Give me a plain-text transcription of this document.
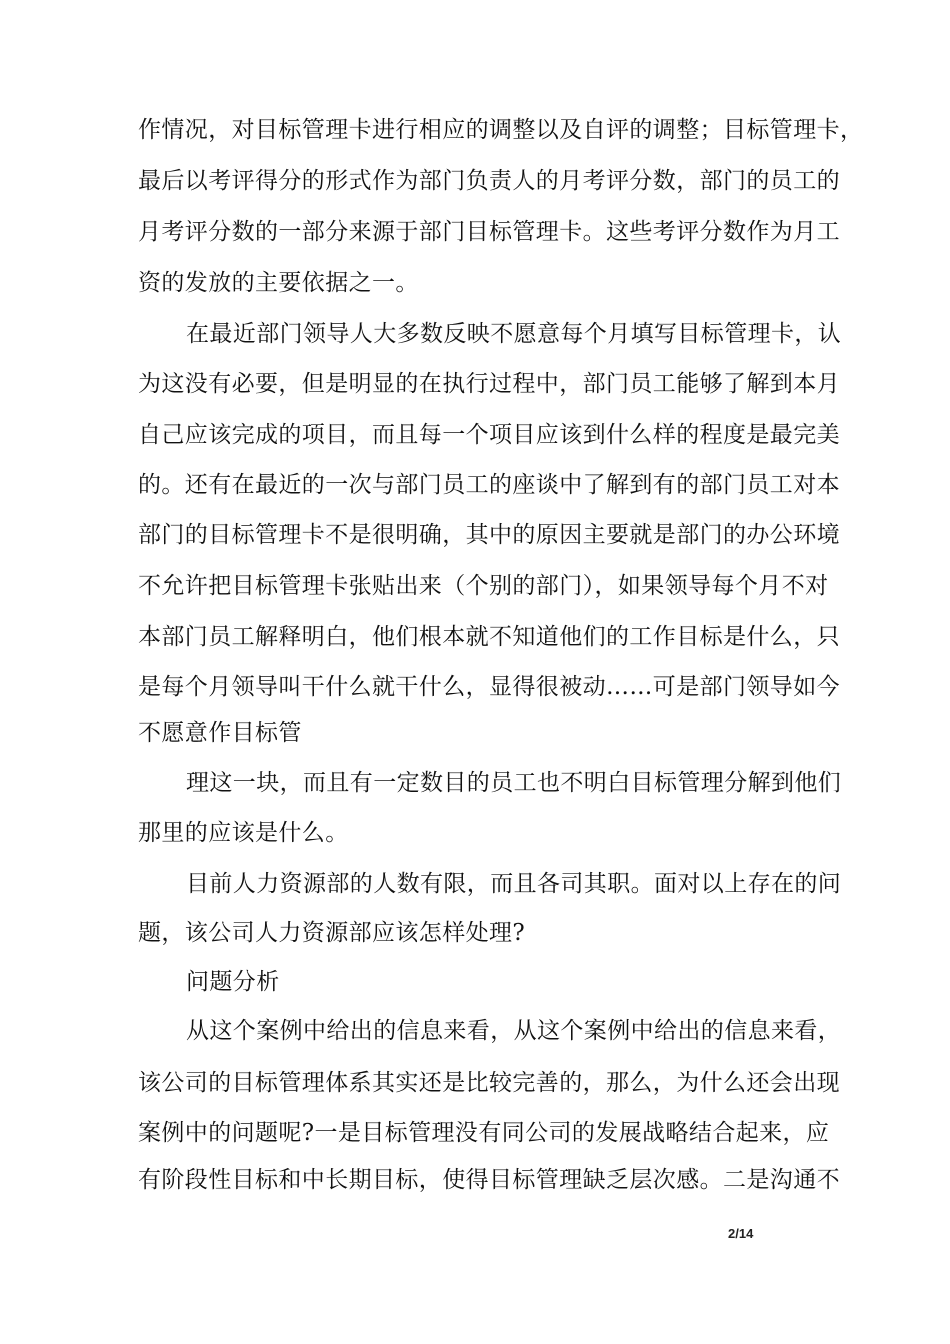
作情况，对目标管理卡进行相应的调整以及自评的调整；目标管理卡，
最后以考评得分的形式作为部门负责人的月考评分数，部门的员工的
月考评分数的一部分来源于部门目标管理卡。这些考评分数作为月工
资的发放的主要依据之一。
在最近部门领导人大多数反映不愿意每个月填写目标管理卡，认
为这没有必要，但是明显的在执行过程中，部门员工能够了解到本月
自己应该完成的项目，而且每一个项目应该到什么样的程度是最完美
的。还有在最近的一次与部门员工的座谈中了解到有的部门员工对本
部门的目标管理卡不是很明确，其中的原因主要就是部门的办公环境
不允许把目标管理卡张贴出来（个别的部门），如果领导每个月不对
本部门员工解释明白，他们根本就不知道他们的工作目标是什么，只
是每个月领导叫干什么就干什么，显得很被动……可是部门领导如今
不愿意作目标管
理这一块，而且有一定数目的员工也不明白目标管理分解到他们
那里的应该是什么。
目前人力资源部的人数有限，而且各司其职。面对以上存在的问
题，该公司人力资源部应该怎样处理?
问题分析
从这个案例中给出的信息来看，从这个案例中给出的信息来看，
该公司的目标管理体系其实还是比较完善的，那么，为什么还会出现
案例中的问题呢?一是目标管理没有同公司的发展战略结合起来，应
有阶段性目标和中长期目标，使得目标管理缺乏层次感。二是沟通不
2/14
